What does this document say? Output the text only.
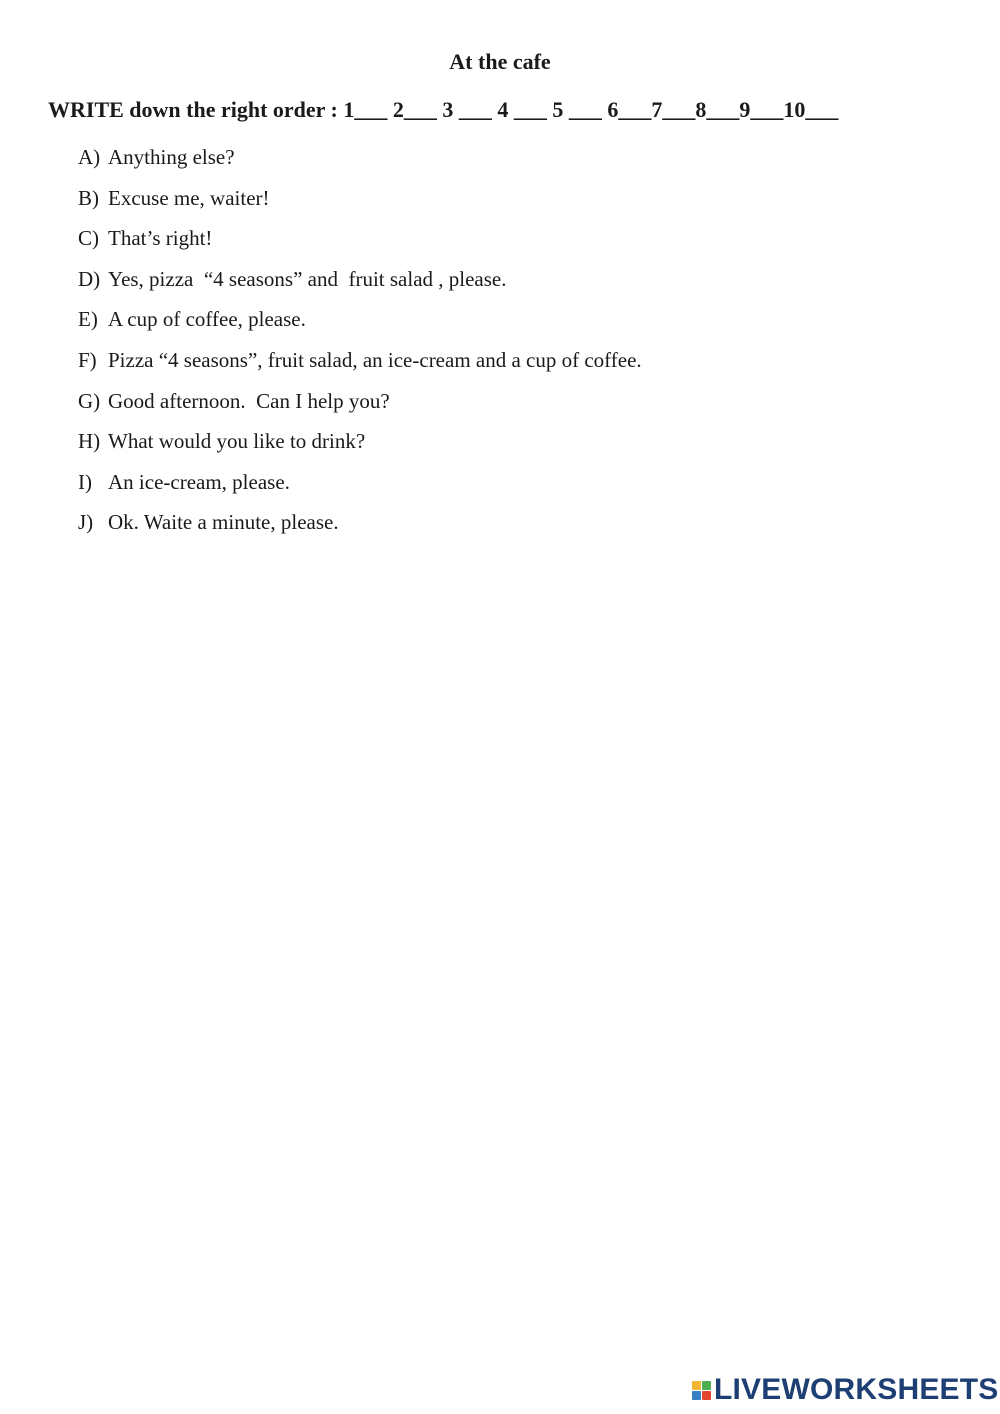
At the cafe
WRITE down the right order : 1___ 2___ 3 ___ 4 ___ 5 ___ 6___7___8___9___10___
A) Anything else?
B) Excuse me, waiter!
C) That’s right!
D) Yes, pizza  “4 seasons” and  fruit salad , please.
E) A cup of coffee, please.
F) Pizza “4 seasons”, fruit salad, an ice-cream and a cup of coffee.
G) Good afternoon.  Can I help you?
H) What would you like to drink?
I) An ice-cream, please.
J) Ok. Waite a minute, please.
LIVEWORKSHEETS
